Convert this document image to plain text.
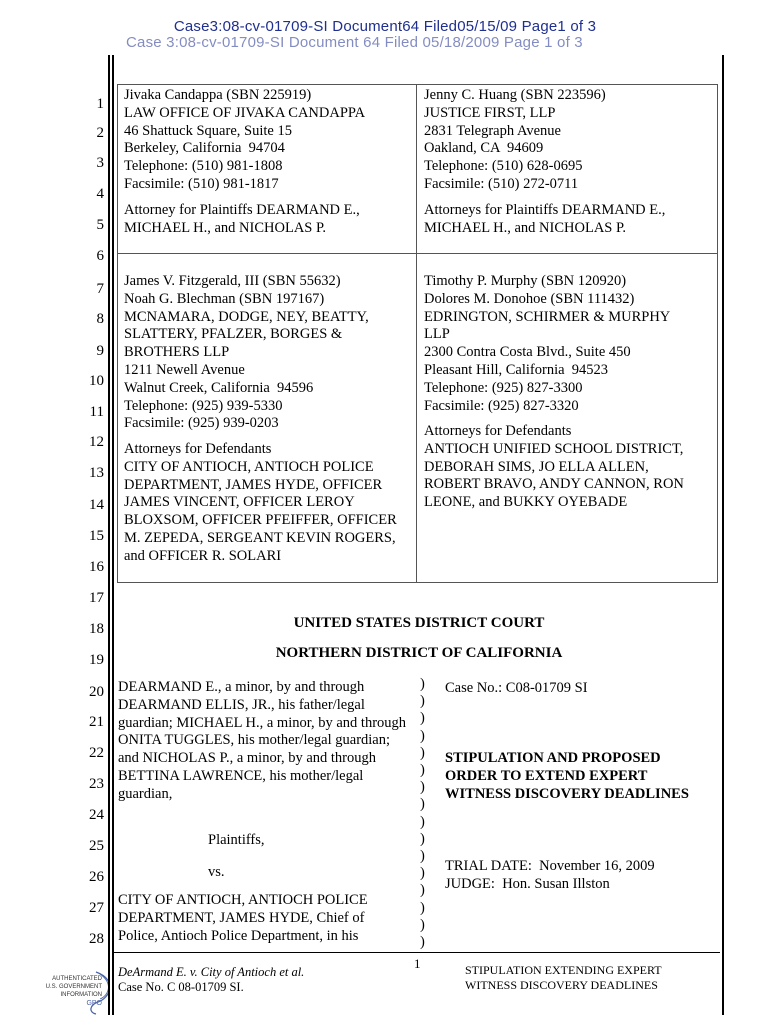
Case3:08-cv-01709-SI Document64 Filed05/15/09 Page1 of 3
Case 3:08-cv-01709-SI Document 64 Filed 05/18/2009 Page 1 of 3
1
2
3
4
5
6
7
8
9
10
11
12
13
14
15
16
17
18
19
20
21
22
23
24
25
26
27
28
Jivaka Candappa (SBN 225919)
LAW OFFICE OF JIVAKA CANDAPPA
46 Shattuck Square, Suite 15
Berkeley, California  94704
Telephone: (510) 981-1808
Facsimile: (510) 981-1817
Attorney for Plaintiffs DEARMAND E.,
MICHAEL H., and NICHOLAS P.
Jenny C. Huang (SBN 223596)
JUSTICE FIRST, LLP
2831 Telegraph Avenue
Oakland, CA  94609
Telephone: (510) 628-0695
Facsimile: (510) 272-0711
Attorneys for Plaintiffs DEARMAND E.,
MICHAEL H., and NICHOLAS P.
James V. Fitzgerald, III (SBN 55632)
Noah G. Blechman (SBN 197167)
MCNAMARA, DODGE, NEY, BEATTY,
SLATTERY, PFALZER, BORGES &
BROTHERS LLP
1211 Newell Avenue
Walnut Creek, California  94596
Telephone: (925) 939-5330
Facsimile: (925) 939-0203
Attorneys for Defendants
CITY OF ANTIOCH, ANTIOCH POLICE
DEPARTMENT, JAMES HYDE, OFFICER
JAMES VINCENT, OFFICER LEROY
BLOXSOM, OFFICER PFEIFFER, OFFICER
M. ZEPEDA, SERGEANT KEVIN ROGERS,
and OFFICER R. SOLARI
Timothy P. Murphy (SBN 120920)
Dolores M. Donohoe (SBN 111432)
EDRINGTON, SCHIRMER & MURPHY
LLP
2300 Contra Costa Blvd., Suite 450
Pleasant Hill, California  94523
Telephone: (925) 827-3300
Facsimile: (925) 827-3320
Attorneys for Defendants
ANTIOCH UNIFIED SCHOOL DISTRICT,
DEBORAH SIMS, JO ELLA ALLEN,
ROBERT BRAVO, ANDY CANNON, RON
LEONE, and BUKKY OYEBADE
UNITED STATES DISTRICT COURT
NORTHERN DISTRICT OF CALIFORNIA
DEARMAND E., a minor, by and through
DEARMAND ELLIS, JR., his father/legal
guardian; MICHAEL H., a minor, by and through
ONITA TUGGLES, his mother/legal guardian;
and NICHOLAS P., a minor, by and through
BETTINA LAWRENCE, his mother/legal
guardian,
Plaintiffs,
vs.
CITY OF ANTIOCH, ANTIOCH POLICE
DEPARTMENT, JAMES HYDE, Chief of
Police, Antioch Police Department, in his
)
)
)
)
)
)
)
)
)
)
)
)
)
)
)
)
Case No.: C08-01709 SI
STIPULATION AND PROPOSED
ORDER TO EXTEND EXPERT
WITNESS DISCOVERY DEADLINES
TRIAL DATE:  November 16, 2009
JUDGE:  Hon. Susan Illston
1
DeArmand E. v. City of Antioch et al.
Case No. C 08-01709 SI.
STIPULATION EXTENDING EXPERT
WITNESS DISCOVERY DEADLINES
AUTHENTICATED
U.S. GOVERNMENT
INFORMATION
GPO
